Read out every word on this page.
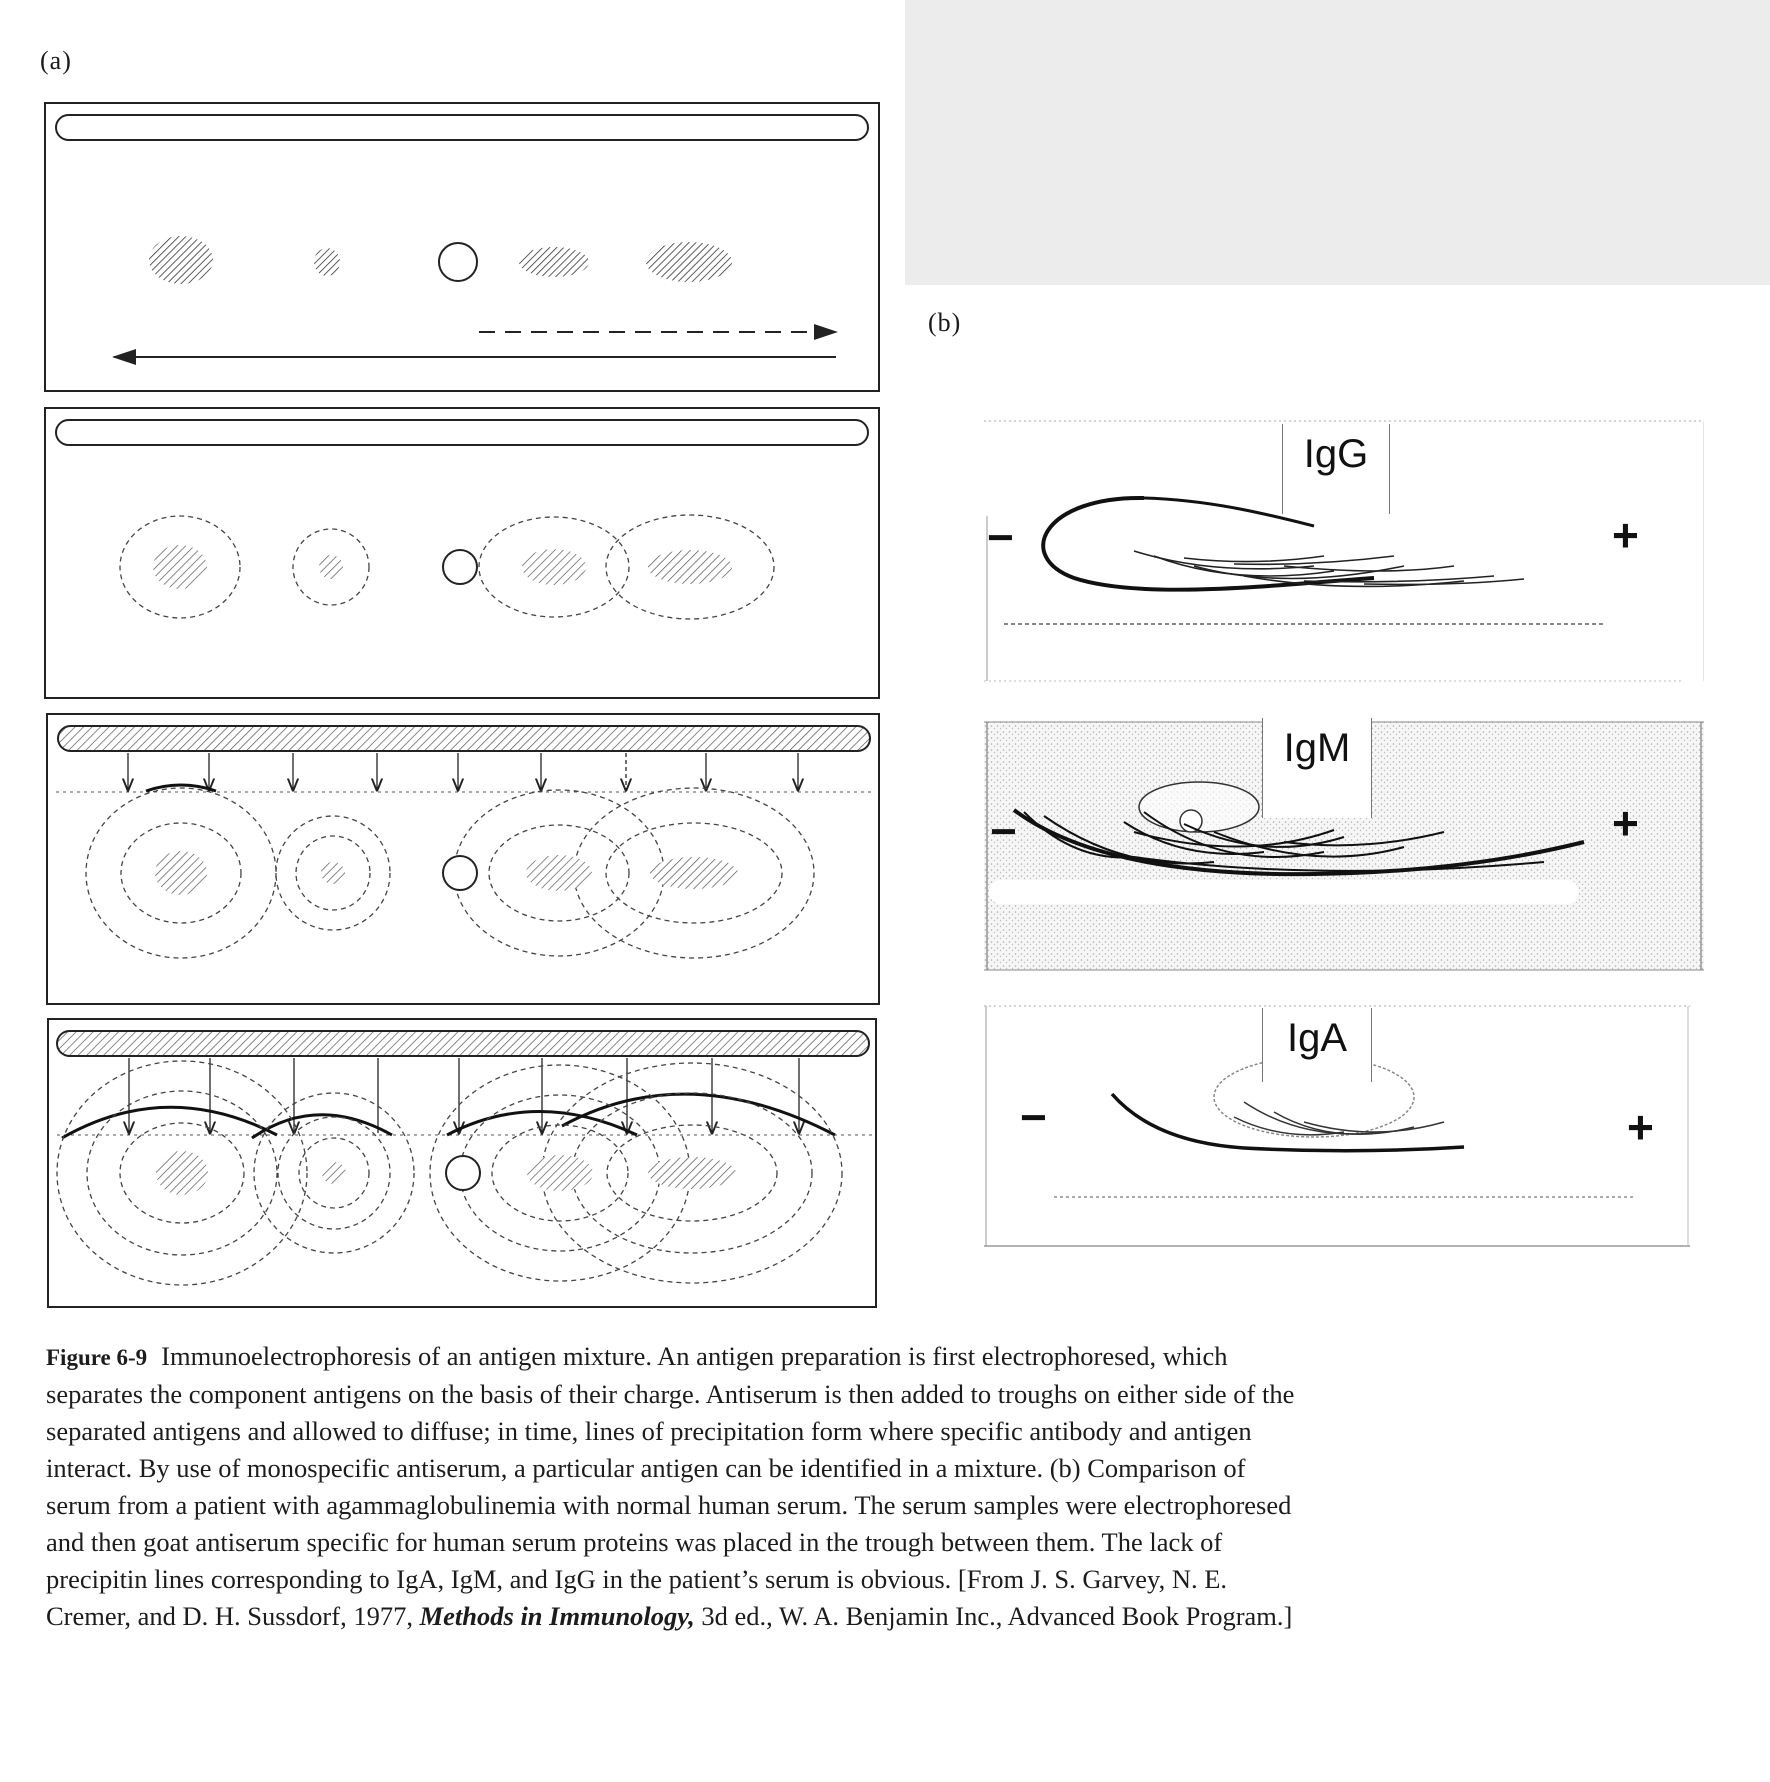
(a)
(b)
IgG
IgM
IgA
−	+
−	+
−	+
Figure 6-9 Immunoelectrophoresis of an antigen mixture. An antigen preparation is first electrophoresed, which separates the component antigens on the basis of their charge. Antiserum is then added to troughs on either side of the separated antigens and allowed to diffuse; in time, lines of precipitation form where specific antibody and antigen interact. By use of monospecific antiserum, a particular antigen can be identified in a mixture. (b) Comparison of serum from a patient with agammaglobulinemia with normal human serum. The serum samples were electrophoresed and then goat antiserum specific for human serum proteins was placed in the trough between them. The lack of precipitin lines corresponding to IgA, IgM, and IgG in the patient’s serum is obvious. [From J. S. Garvey, N. E. Cremer, and D. H. Sussdorf, 1977, Methods in Immunology, 3d ed., W. A. Benjamin Inc., Advanced Book Program.]
